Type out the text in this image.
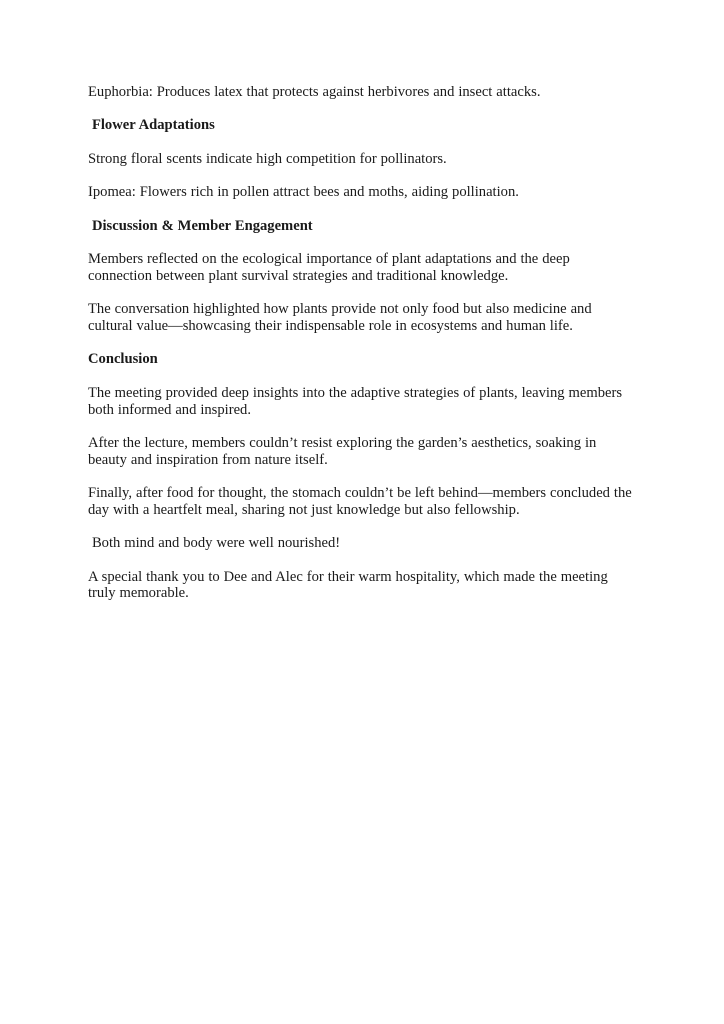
Euphorbia: Produces latex that protects against herbivores and insect attacks.

Flower Adaptations

Strong floral scents indicate high competition for pollinators.

Ipomea: Flowers rich in pollen attract bees and moths, aiding pollination.

Discussion & Member Engagement

Members reflected on the ecological importance of plant adaptations and the deep connection between plant survival strategies and traditional knowledge.

The conversation highlighted how plants provide not only food but also medicine and cultural value—showcasing their indispensable role in ecosystems and human life.

Conclusion

The meeting provided deep insights into the adaptive strategies of plants, leaving members both informed and inspired.

After the lecture, members couldn’t resist exploring the garden’s aesthetics, soaking in beauty and inspiration from nature itself.

Finally, after food for thought, the stomach couldn’t be left behind—members concluded the day with a heartfelt meal, sharing not just knowledge but also fellowship.

Both mind and body were well nourished!

A special thank you to Dee and Alec for their warm hospitality, which made the meeting truly memorable.
